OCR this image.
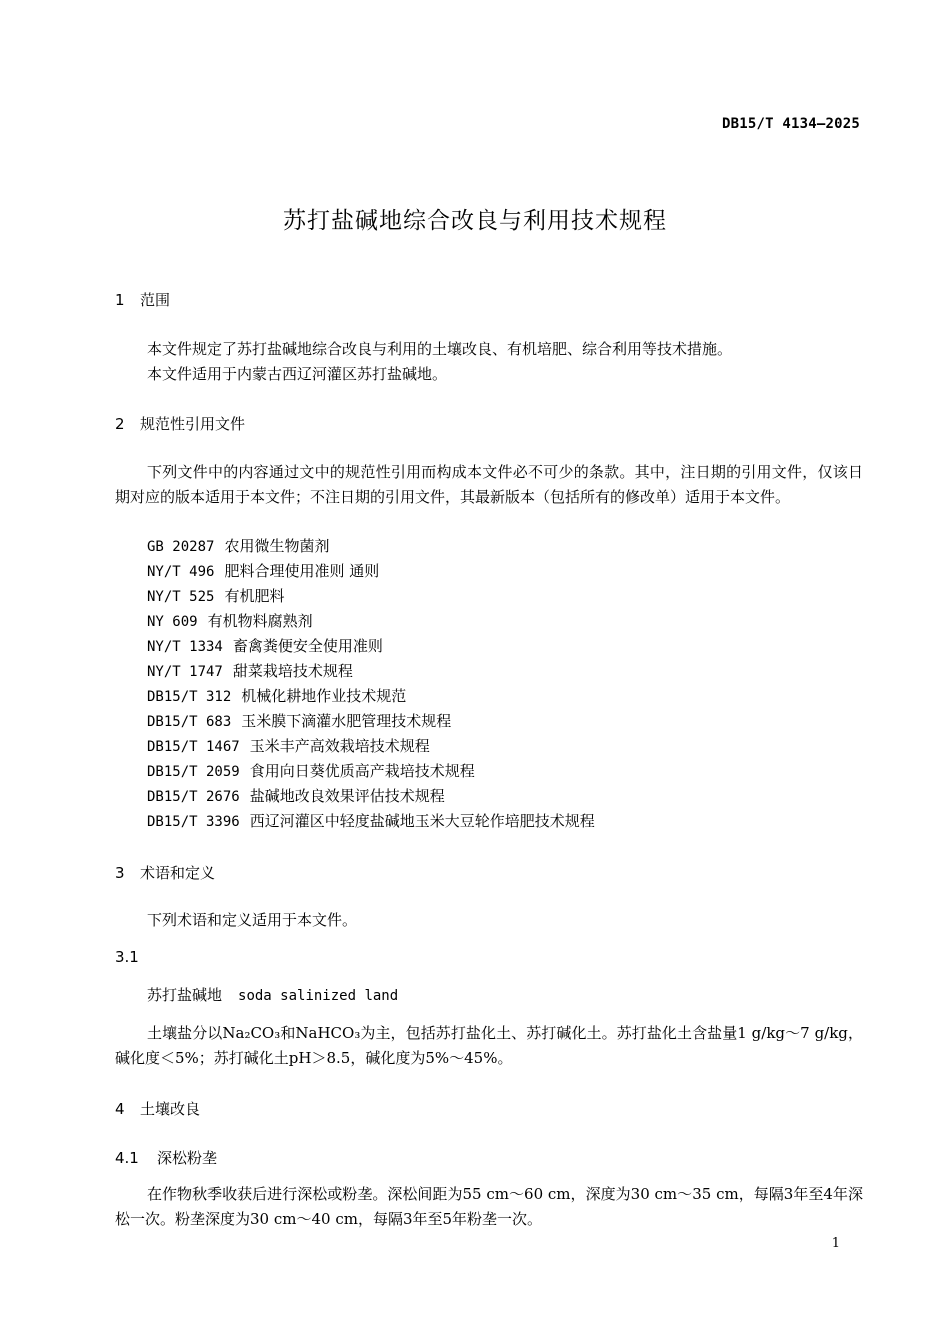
DB15/T 4134—2025
苏打盐碱地综合改良与利用技术规程
1 范围
本文件规定了苏打盐碱地综合改良与利用的土壤改良、有机培肥、综合利用等技术措施。
本文件适用于内蒙古西辽河灌区苏打盐碱地。
2 规范性引用文件
下列文件中的内容通过文中的规范性引用而构成本文件必不可少的条款。其中，注日期的引用文件，仅该日期对应的版本适用于本文件；不注日期的引用文件，其最新版本（包括所有的修改单）适用于本文件。
GB 20287 农用微生物菌剂
NY/T 496 肥料合理使用准则 通则
NY/T 525 有机肥料
NY 609 有机物料腐熟剂
NY/T 1334 畜禽粪便安全使用准则
NY/T 1747 甜菜栽培技术规程
DB15/T 312 机械化耕地作业技术规范
DB15/T 683 玉米膜下滴灌水肥管理技术规程
DB15/T 1467 玉米丰产高效栽培技术规程
DB15/T 2059 食用向日葵优质高产栽培技术规程
DB15/T 2676 盐碱地改良效果评估技术规程
DB15/T 3396 西辽河灌区中轻度盐碱地玉米大豆轮作培肥技术规程
3 术语和定义
下列术语和定义适用于本文件。
3.1
苏打盐碱地 soda salinized land
土壤盐分以Na₂CO₃和NaHCO₃为主，包括苏打盐化土、苏打碱化土。苏打盐化土含盐量1 g/kg～7 g/kg，碱化度＜5%；苏打碱化土pH＞8.5，碱化度为5%～45%。
4 土壤改良
4.1 深松粉垄
在作物秋季收获后进行深松或粉垄。深松间距为55 cm～60 cm，深度为30 cm～35 cm，每隔3年至4年深松一次。粉垄深度为30 cm～40 cm，每隔3年至5年粉垄一次。
1
